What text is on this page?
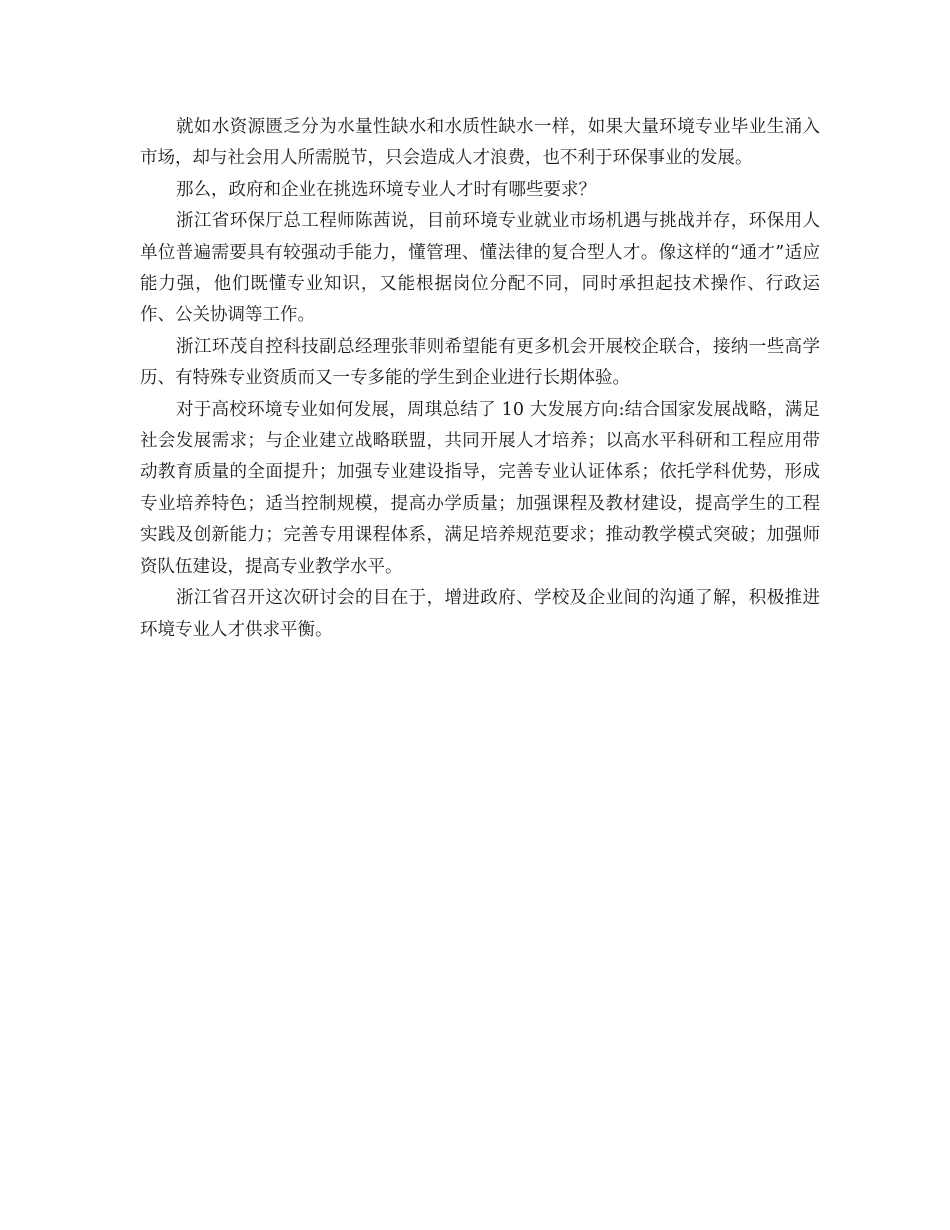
就如水资源匮乏分为水量性缺水和水质性缺水一样，如果大量环境专业毕业生涌入市场，却与社会用人所需脱节，只会造成人才浪费，也不利于环保事业的发展。

那么，政府和企业在挑选环境专业人才时有哪些要求？

浙江省环保厅总工程师陈茜说，目前环境专业就业市场机遇与挑战并存，环保用人单位普遍需要具有较强动手能力，懂管理、懂法律的复合型人才。像这样的“通才”适应能力强，他们既懂专业知识，又能根据岗位分配不同，同时承担起技术操作、行政运作、公关协调等工作。

浙江环茂自控科技副总经理张菲则希望能有更多机会开展校企联合，接纳一些高学历、有特殊专业资质而又一专多能的学生到企业进行长期体验。

对于高校环境专业如何发展，周琪总结了 10 大发展方向:结合国家发展战略，满足社会发展需求；与企业建立战略联盟，共同开展人才培养；以高水平科研和工程应用带动教育质量的全面提升；加强专业建设指导，完善专业认证体系；依托学科优势，形成专业培养特色；适当控制规模，提高办学质量；加强课程及教材建设，提高学生的工程实践及创新能力；完善专用课程体系，满足培养规范要求；推动教学模式突破；加强师资队伍建设，提高专业教学水平。

浙江省召开这次研讨会的目在于，增进政府、学校及企业间的沟通了解，积极推进环境专业人才供求平衡。
